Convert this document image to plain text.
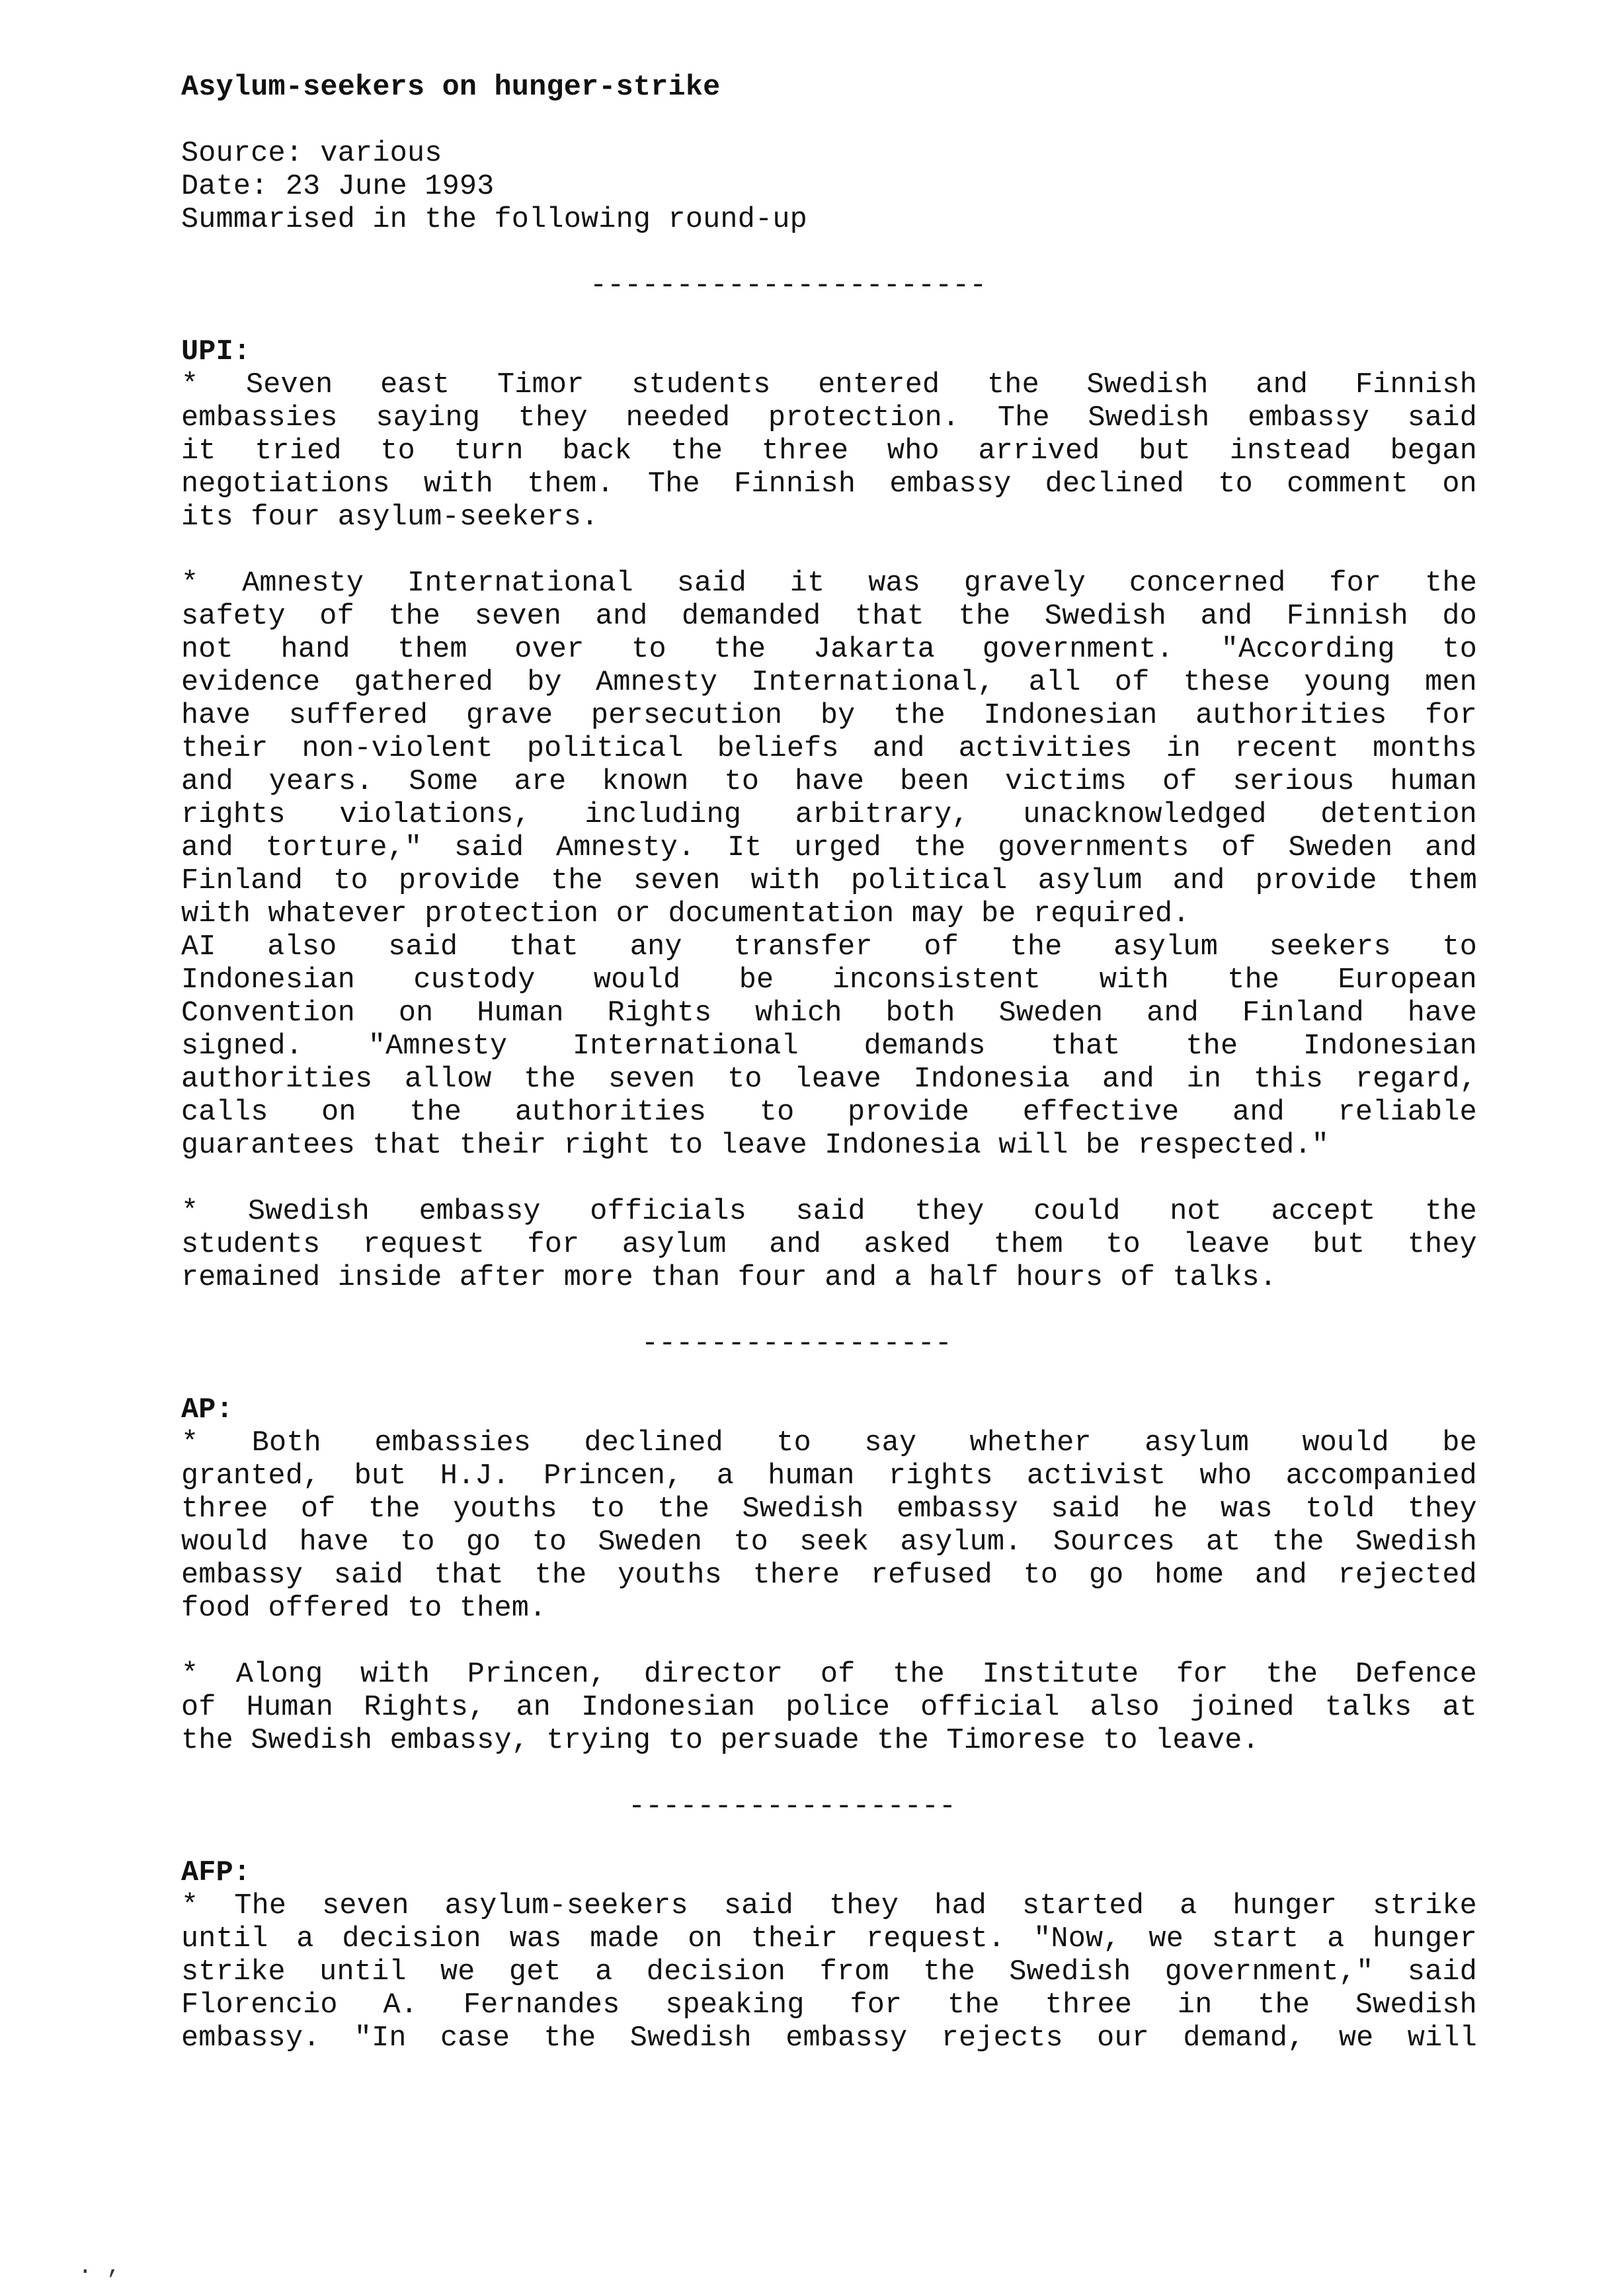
Asylum-seekers on hunger-strike
Source: various
Date: 23 June 1993
Summarised in the following round-up
-----------------------
UPI:
* Seven east Timor students entered the Swedish and Finnish
embassies saying they needed protection. The Swedish embassy said
it tried to turn back the three who arrived but instead began
negotiations with them. The Finnish embassy declined to comment on
its four asylum-seekers.
* Amnesty International said it was gravely concerned for the
safety of the seven and demanded that the Swedish and Finnish do
not hand them over to the Jakarta government. "According to
evidence gathered by Amnesty International, all of these young men
have suffered grave persecution by the Indonesian authorities for
their non-violent political beliefs and activities in recent months
and years. Some are known to have been victims of serious human
rights violations, including arbitrary, unacknowledged detention
and torture," said Amnesty. It urged the governments of Sweden and
Finland to provide the seven with political asylum and provide them
with whatever protection or documentation may be required.
AI also said that any transfer of the asylum seekers to
Indonesian custody would be inconsistent with the European
Convention on Human Rights which both Sweden and Finland have
signed. "Amnesty International demands that the Indonesian
authorities allow the seven to leave Indonesia and in this regard,
calls on the authorities to provide effective and reliable
guarantees that their right to leave Indonesia will be respected."
* Swedish embassy officials said they could not accept the
students request for asylum and asked them to leave but they
remained inside after more than four and a half hours of talks.
------------------
AP:
* Both embassies declined to say whether asylum would be
granted, but H.J. Princen, a human rights activist who accompanied
three of the youths to the Swedish embassy said he was told they
would have to go to Sweden to seek asylum. Sources at the Swedish
embassy said that the youths there refused to go home and rejected
food offered to them.
* Along with Princen, director of the Institute for the Defence
of Human Rights, an Indonesian police official also joined talks at
the Swedish embassy, trying to persuade the Timorese to leave.
-------------------
AFP:
* The seven asylum-seekers said they had started a hunger strike
until a decision was made on their request. "Now, we start a hunger
strike until we get a decision from the Swedish government," said
Florencio A. Fernandes speaking for the three in the Swedish
embassy. "In case the Swedish embassy rejects our demand, we will
. ,
